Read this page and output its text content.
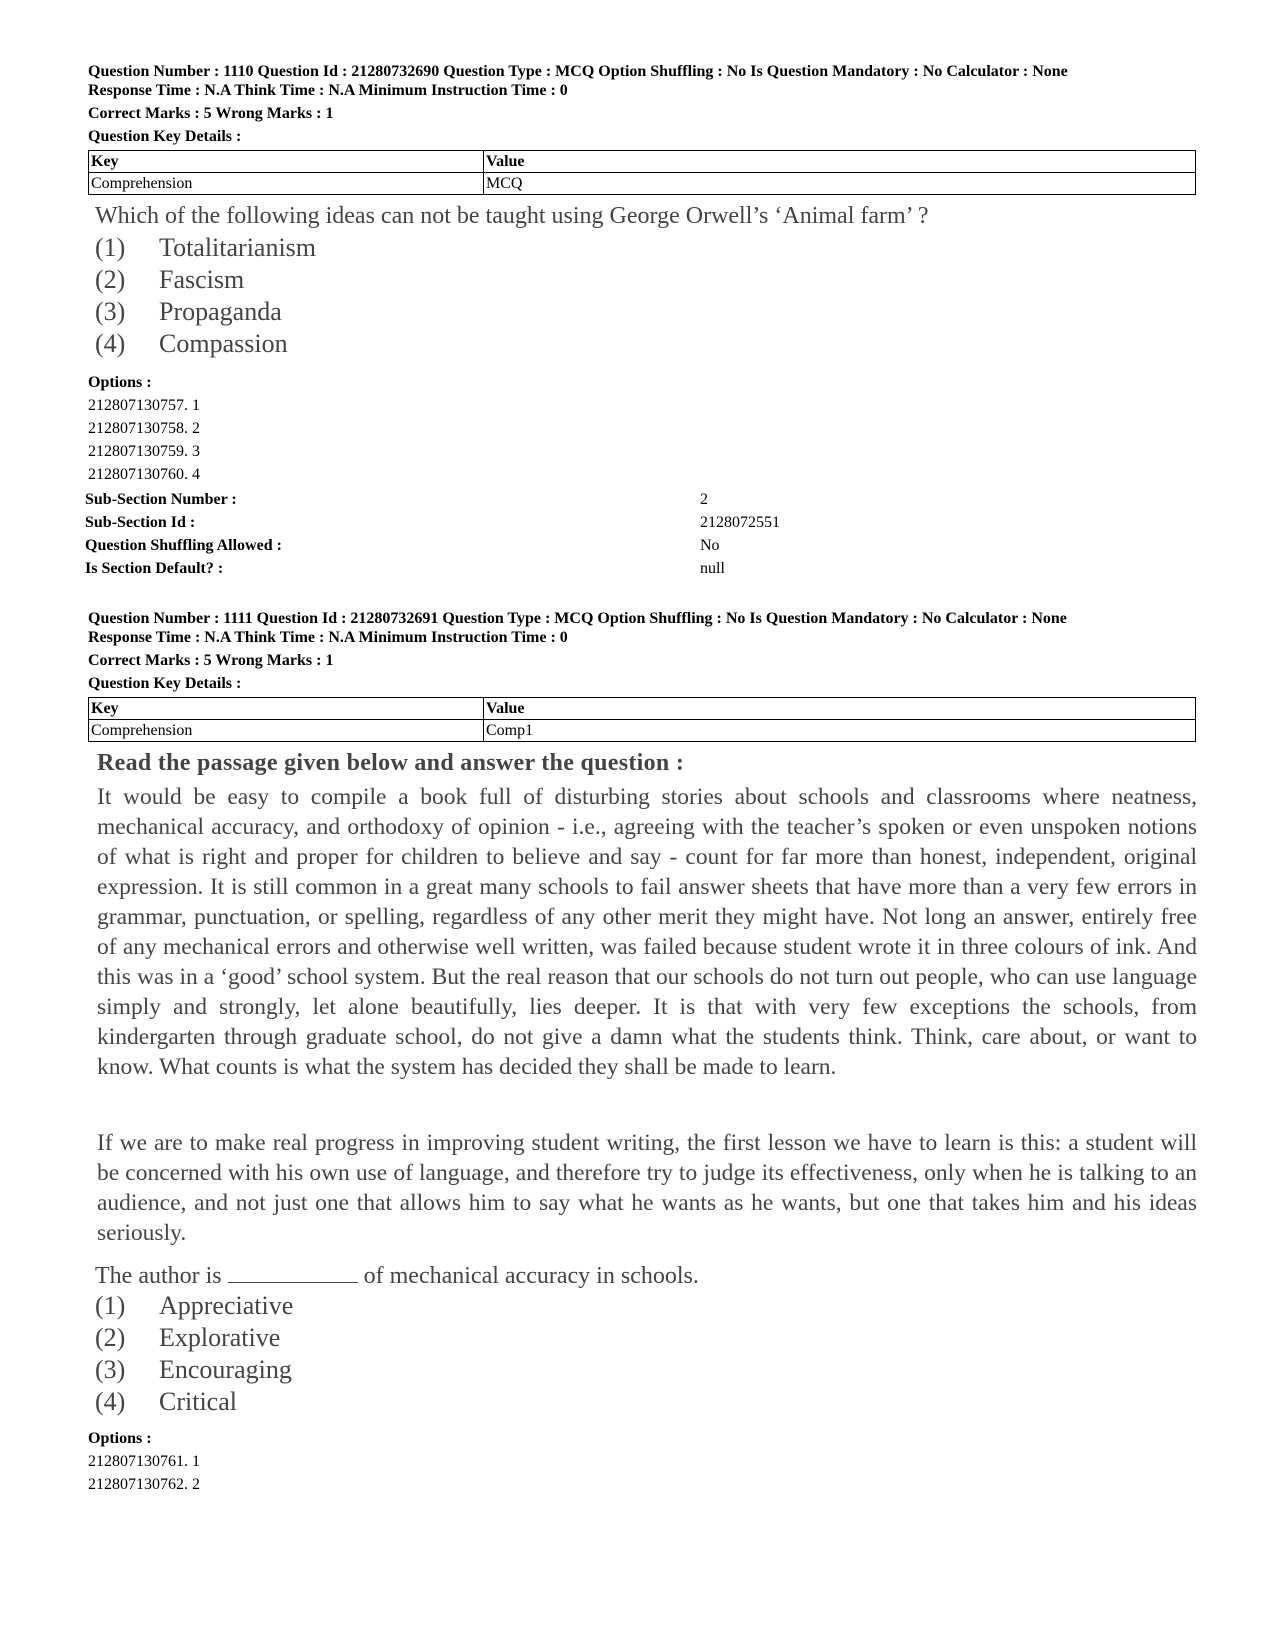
Question Number : 1110 Question Id : 21280732690 Question Type : MCQ Option Shuffling : No Is Question Mandatory : No Calculator : None
Response Time : N.A Think Time : N.A Minimum Instruction Time : 0
Correct Marks : 5 Wrong Marks : 1
Question Key Details :
Key	Value
Comprehension	MCQ
Which of the following ideas can not be taught using George Orwell’s ‘Animal farm’ ?
(1) Totalitarianism
(2) Fascism
(3) Propaganda
(4) Compassion
Options :
212807130757. 1
212807130758. 2
212807130759. 3
212807130760. 4
Sub-Section Number :	2
Sub-Section Id :	2128072551
Question Shuffling Allowed :	No
Is Section Default? :	null
Question Number : 1111 Question Id : 21280732691 Question Type : MCQ Option Shuffling : No Is Question Mandatory : No Calculator : None
Response Time : N.A Think Time : N.A Minimum Instruction Time : 0
Correct Marks : 5 Wrong Marks : 1
Question Key Details :
Key	Value
Comprehension	Comp1
Read the passage given below and answer the question :

It would be easy to compile a book full of disturbing stories about schools and classrooms where neatness, mechanical accuracy, and orthodoxy of opinion - i.e., agreeing with the teacher’s spoken or even unspoken notions of what is right and proper for children to believe and say - count for far more than honest, independent, original expression. It is still common in a great many schools to fail answer sheets that have more than a very few errors in grammar, punctuation, or spelling, regardless of any other merit they might have. Not long an answer, entirely free of any mechanical errors and otherwise well written, was failed because student wrote it in three colours of ink. And this was in a ‘good’ school system. But the real reason that our schools do not turn out people, who can use language simply and strongly, let alone beautifully, lies deeper. It is that with very few exceptions the schools, from kindergarten through graduate school, do not give a damn what the students think. Think, care about, or want to know. What counts is what the system has decided they shall be made to learn.

If we are to make real progress in improving student writing, the first lesson we have to learn is this: a student will be concerned with his own use of language, and therefore try to judge its effectiveness, only when he is talking to an audience, and not just one that allows him to say what he wants as he wants, but one that takes him and his ideas seriously.

The author is	of mechanical accuracy in schools.
(1) Appreciative
(2) Explorative
(3) Encouraging
(4) Critical
Options :
212807130761. 1
212807130762. 2
